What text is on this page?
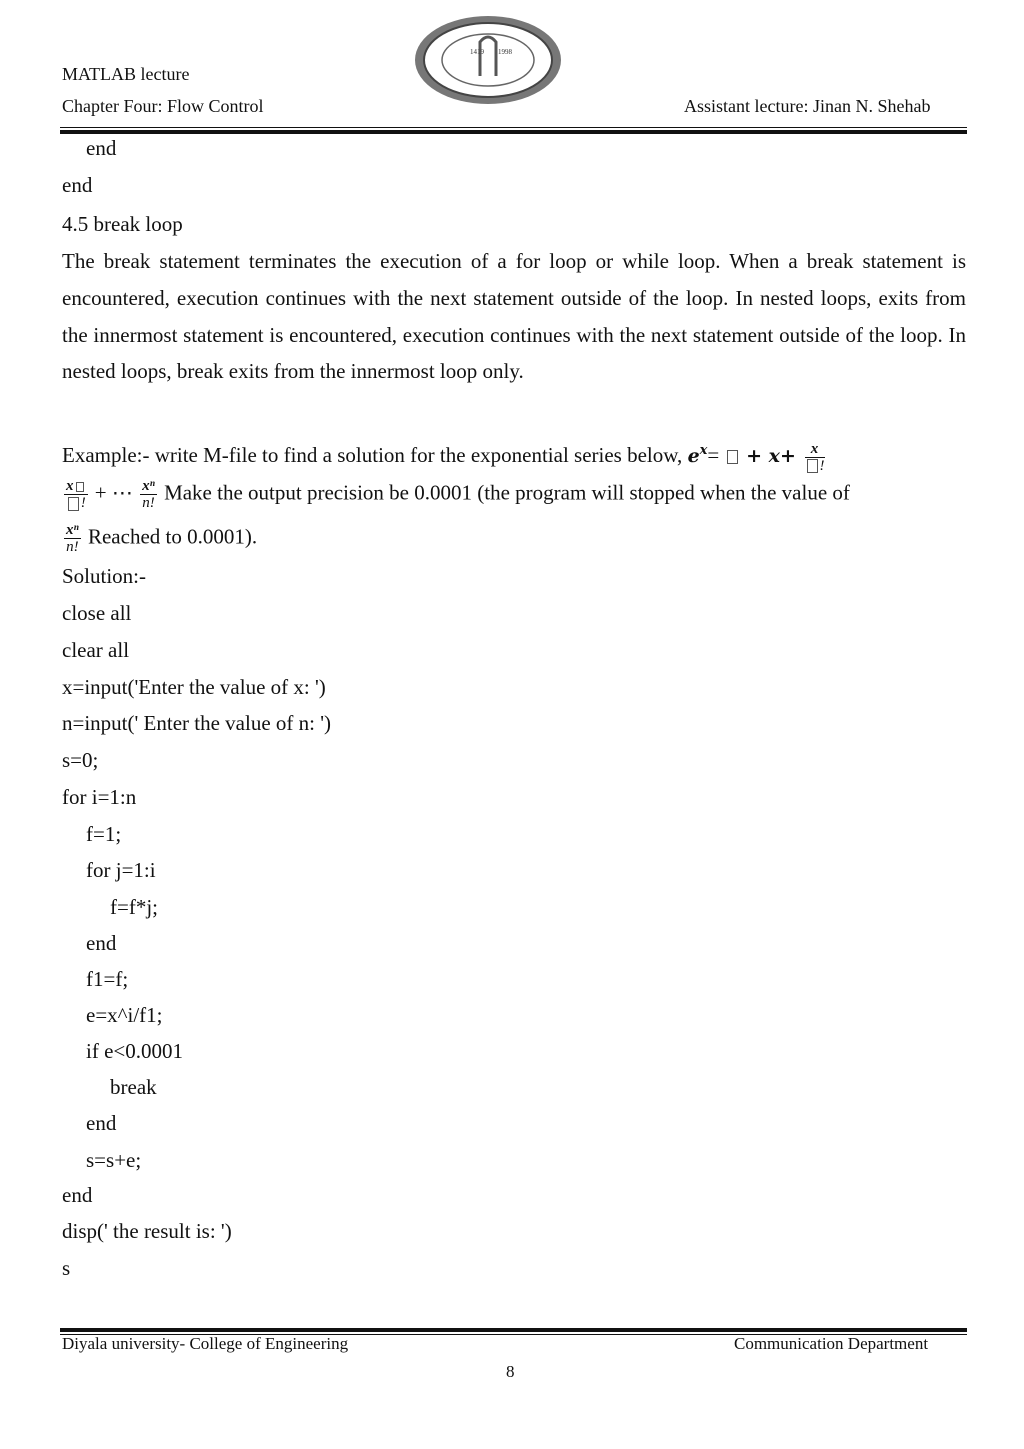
MATLAB lecture
Chapter Four: Flow Control	Assistant lecture: Jinan N. Shehab
1419 1998
end
end
4.5 break loop
The break statement terminates the execution of a for loop or while loop. When a break statement is encountered, execution continues with the next statement outside of the loop. In nested loops, exits from the innermost statement is encountered, execution continues with the next statement outside of the loop. In nested loops, break exits from the innermost loop only.
Example:- write M-file to find a solution for the exponential series below, $e^x= + x+ \frac{x}{!}$
$\frac{x}{!}$ + ⋯ $\frac{\text{xⁿ}}{n!}$ Make the output precision be 0.0001 (the program will stopped when the value of
$\frac{\text{xⁿ}}{n!}$ Reached to 0.0001).
Solution:-
close all
clear all
x=input('Enter the value of x: ')
n=input(' Enter the value of n: ')
s=0;
for i=1:n
f=1;
for j=1:i
f=f*j;
end
f1=f;
e=x^i/f1;
if e<0.0001
break
end
s=s+e;
end
disp(' the result is: ')
s
Diyala university- College of Engineering	Communication Department
8
